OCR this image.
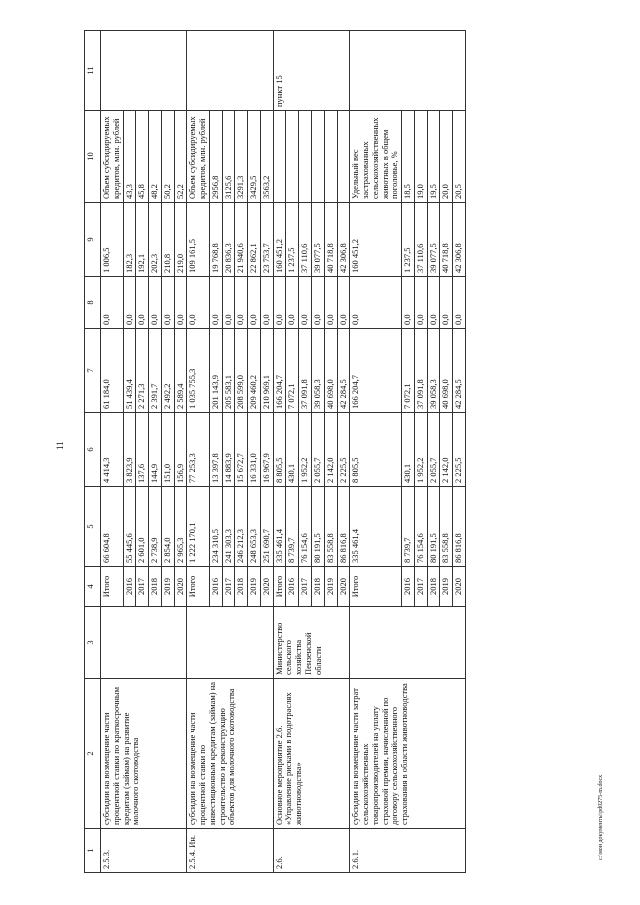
11
1	2	3	4	5	6	7	8	9	10	11
2.5.3.	субсидии на возмещение части процентной ставки по краткосрочным кредитам (займам) на развитие молочного скотоводства		Итого	66 604,8	4 414,3	61 184,0	0,0	1 006,5	Объем субсидируемых кредитов, млн. рублей	
			2016	55 445,6	3 823,9	51 439,4	0,0	182,3	43,3	
			2017	2 601,0	137,6	2 271,3	0,0	192,1	45,8	
			2018	2 738,9	144,9	2 391,7	0,0	202,3	48,2	
			2019	2 854,0	151,0	2 492,2	0,0	210,8	50,2	
			2020	2 965,3	156,9	2 589,4	0,0	219,0	52,2	
2.5.4. Ин.	субсидии на возмещение части процентной ставки по инвестиционным кредитам (займам) на строительство и реконструкцию объектов для молочного скотоводства		Итого	1 222 170,1	77 253,3	1 035 755,3	0,0	109 161,5	Объем субсидируемых кредитов, млн. рублей	
			2016	234 310,5	13 397,8	201 143,9	0,0	19 768,8	2956,8	
			2017	241 303,3	14 883,9	205 583,1	0,0	20 836,3	3125,6	
			2018	246 212,3	15 672,7	208 599,0	0,0	21 940,6	3291,3	
			2019	248 653,3	16 331,0	209 460,2	0,0	22 862,1	3429,5	
			2020	251 690,7	16 967,9	210 969,1	0,0	23 753,7	3563,2	
2.6.	Основное мероприятие 2.6. «Управление рисками в подотраслях животноводства»	Министерство сельского хозяйства Пензенской области	Итого	335 461,4	8 805,5	166 204,7	0,0	160 451,2		пункт 15
			2016	8 739,7	430,1	7 072,1	0,0	1 237,5		
			2017	76 154,6	1 952,2	37 091,8	0,0	37 110,6		
			2018	80 191,5	2 055,7	39 058,3	0,0	39 077,5		
			2019	83 558,8	2 142,0	40 698,0	0,0	40 718,8		
			2020	86 816,8	2 225,5	42 284,5	0,0	42 306,8		
2.6.1.	субсидии на возмещение части затрат сельскохозяйственных товаропроизводителей на уплату страховой премии, начисленной по договору сельскохозяйственного страхования в области животноводства		Итого	335 461,4	8 805,5	166 204,7	0,0	160 451,2	Удельный вес застрахованных сельскохозяйственных животных в общем поголовье, %	
			2016	8 739,7	430,1	7 072,1	0,0	1 237,5	18,5	
			2017	76 154,6	1 952,2	37 091,8	0,0	37 110,6	19,0	
			2018	80 191,5	2 055,7	39 058,3	0,0	39 077,5	19,5	
			2019	83 558,8	2 142,0	40 698,0	0,0	40 718,8	20,0	
			2020	86 816,8	2 225,5	42 284,5	0,0	42 306,8	20,5	
c:\мои документы\pd0275-m.docx
